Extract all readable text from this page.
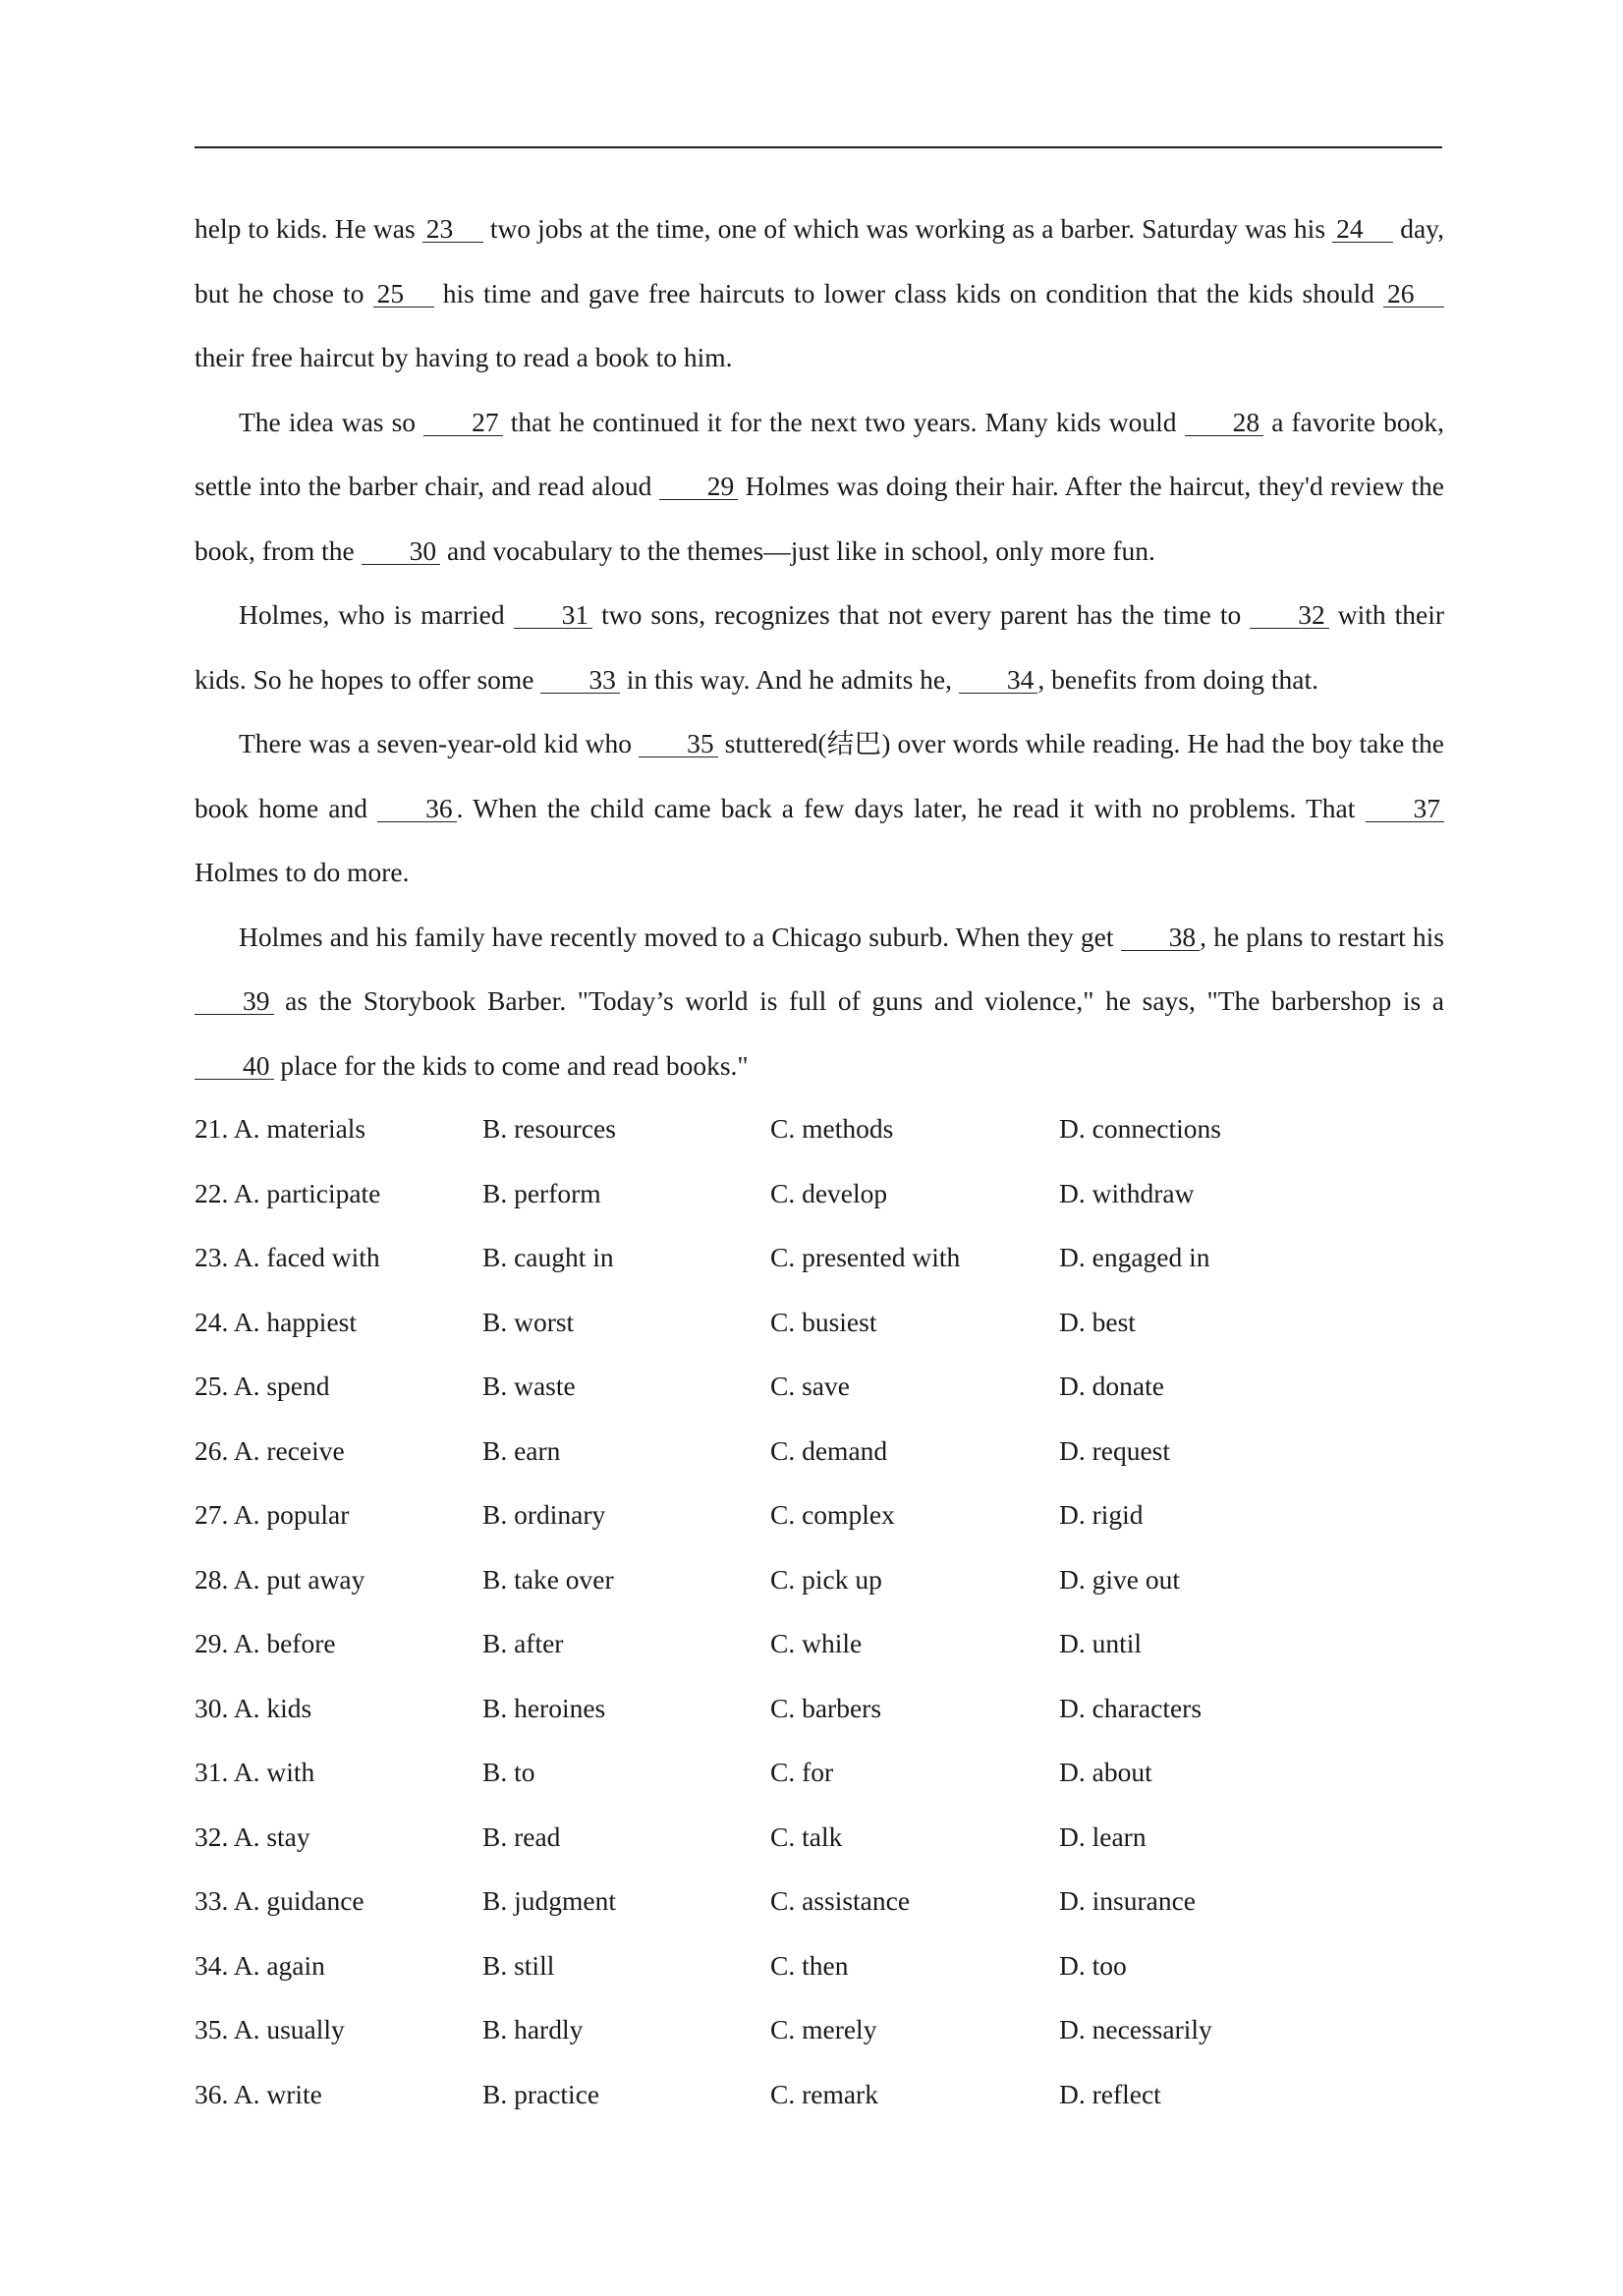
help to kids. He was 23 two jobs at the time, one of which was working as a barber. Saturday was his 24 day, but he chose to 25 his time and gave free haircuts to lower class kids on condition that the kids should 26 their free haircut by having to read a book to him.

The idea was so 27 that he continued it for the next two years. Many kids would 28 a favorite book, settle into the barber chair, and read aloud 29 Holmes was doing their hair. After the haircut, they'd review the book, from the 30 and vocabulary to the themes—just like in school, only more fun.

Holmes, who is married 31 two sons, recognizes that not every parent has the time to 32 with their kids. So he hopes to offer some 33 in this way. And he admits he, 34 , benefits from doing that.

There was a seven-year-old kid who 35 stuttered(结巴) over words while reading. He had the boy take the book home and 36 . When the child came back a few days later, he read it with no problems. That 37 Holmes to do more.

Holmes and his family have recently moved to a Chicago suburb. When they get 38 , he plans to restart his 39 as the Storybook Barber. "Today’s world is full of guns and violence," he says, "The barbershop is a 40 place for the kids to come and read books."

21. A. materials	B. resources	C. methods	D. connections
22. A. participate	B. perform	C. develop	D. withdraw
23. A. faced with	B. caught in	C. presented with	D. engaged in
24. A. happiest	B. worst	C. busiest	D. best
25. A. spend	B. waste	C. save	D. donate
26. A. receive	B. earn	C. demand	D. request
27. A. popular	B. ordinary	C. complex	D. rigid
28. A. put away	B. take over	C. pick up	D. give out
29. A. before	B. after	C. while	D. until
30. A. kids	B. heroines	C. barbers	D. characters
31. A. with	B. to	C. for	D. about
32. A. stay	B. read	C. talk	D. learn
33. A. guidance	B. judgment	C. assistance	D. insurance
34. A. again	B. still	C. then	D. too
35. A. usually	B. hardly	C. merely	D. necessarily
36. A. write	B. practice	C. remark	D. reflect
